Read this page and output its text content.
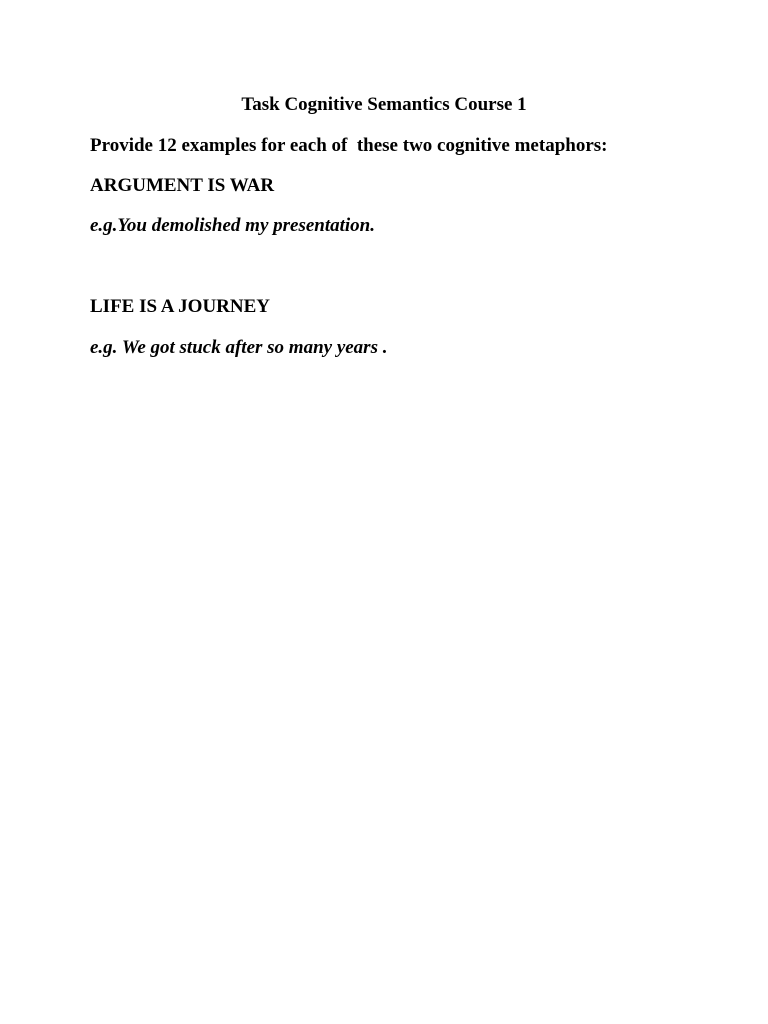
Task Cognitive Semantics Course 1
Provide 12 examples for each of  these two cognitive metaphors:
ARGUMENT IS WAR
e.g.You demolished my presentation.
LIFE IS A JOURNEY
e.g. We got stuck after so many years .
